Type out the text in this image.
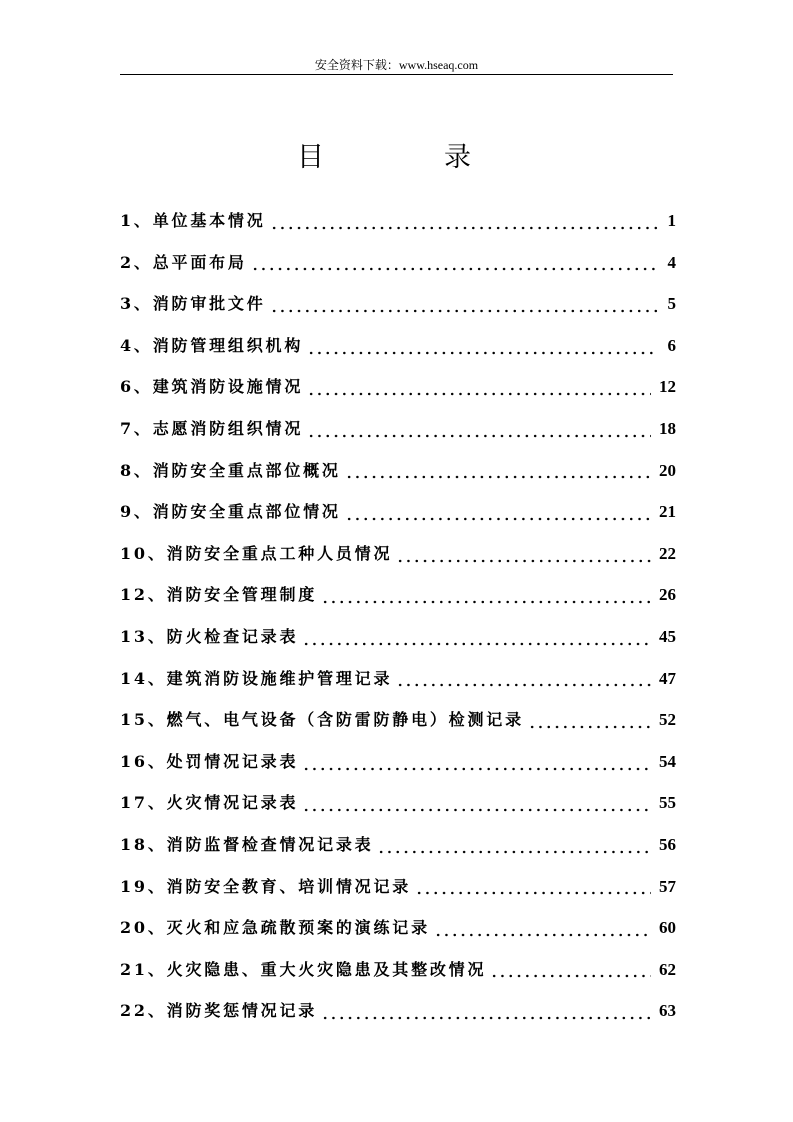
安全资料下载：www.hseaq.com
目	录
1、单位基本情况	1
2、总平面布局	4
3、消防审批文件	5
4、消防管理组织机构	6
6、建筑消防设施情况	12
7、志愿消防组织情况	18
8、消防安全重点部位概况	20
9、消防安全重点部位情况	21
10、消防安全重点工种人员情况	22
12、消防安全管理制度	26
13、防火检查记录表	45
14、建筑消防设施维护管理记录	47
15、燃气、电气设备（含防雷防静电）检测记录	52
16、处罚情况记录表	54
17、火灾情况记录表	55
18、消防监督检查情况记录表	56
19、消防安全教育、培训情况记录	57
20、灭火和应急疏散预案的演练记录	60
21、火灾隐患、重大火灾隐患及其整改情况	62
22、消防奖惩情况记录	63
